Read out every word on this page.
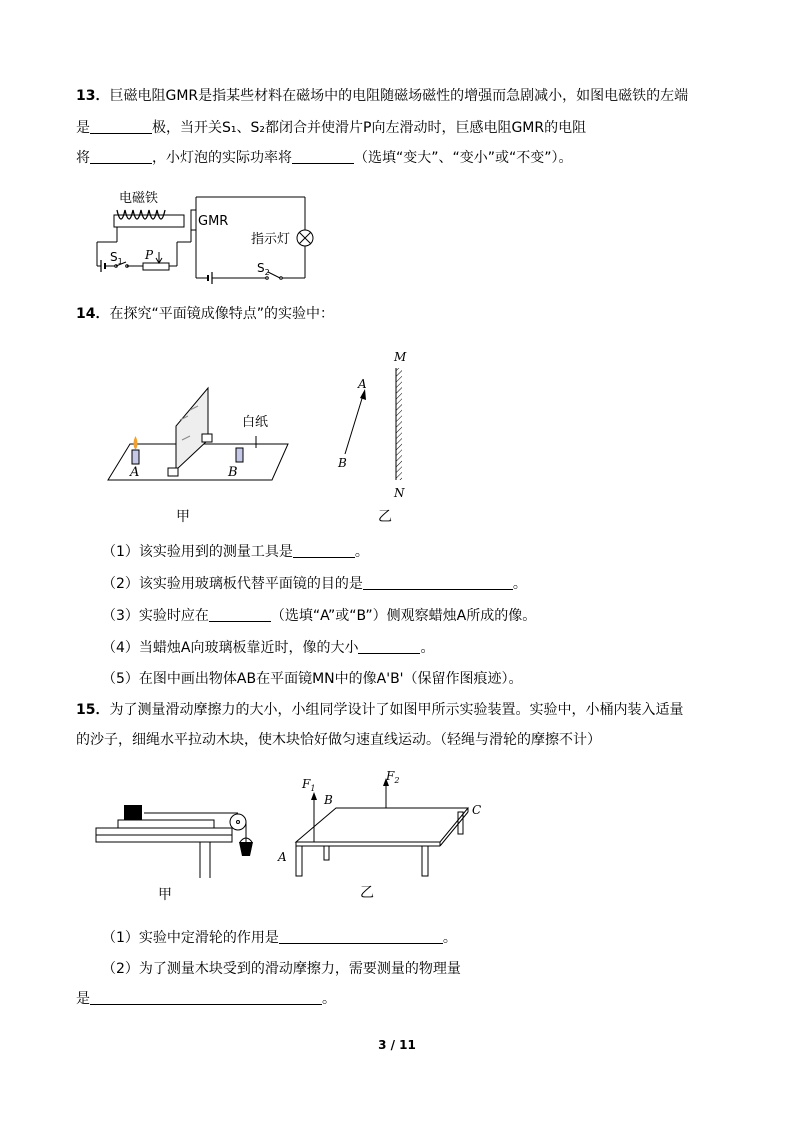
13．巨磁电阻GMR是指某些材料在磁场中的电阻随磁场磁性的增强而急剧减小，如图电磁铁的左端
是	极，当开关S₁、S₂都闭合并使滑片P向左滑动时，巨感电阻GMR的电阻
将	，小灯泡的实际功率将	（选填“变大”、“变小”或“不变”）。
电磁铁
GMR
指示灯
$S_1$ P
$S_2$
14．在探究“平面镜成像特点”的实验中：
白纸
A	B
甲
M
N
A
B
乙
（1）该实验用到的测量工具是	。
（2）该实验用玻璃板代替平面镜的目的是	。
（3）实验时应在	（选填“A”或“B”）侧观察蜡烛A所成的像。
（4）当蜡烛A向玻璃板靠近时，像的大小	。
（5）在图中画出物体AB在平面镜MN中的像A'B'（保留作图痕迹）。
15．为了测量滑动摩擦力的大小，小组同学设计了如图甲所示实验装置。实验中，小桶内装入适量
的沙子，细绳水平拉动木块，使木块恰好做匀速直线运动。（轻绳与滑轮的摩擦不计）
甲
$F_1$
$F_2$
B
C
A
乙
（1）实验中定滑轮的作用是	。
（2）为了测量木块受到的滑动摩擦力，需要测量的物理量
是	。
3 / 11
